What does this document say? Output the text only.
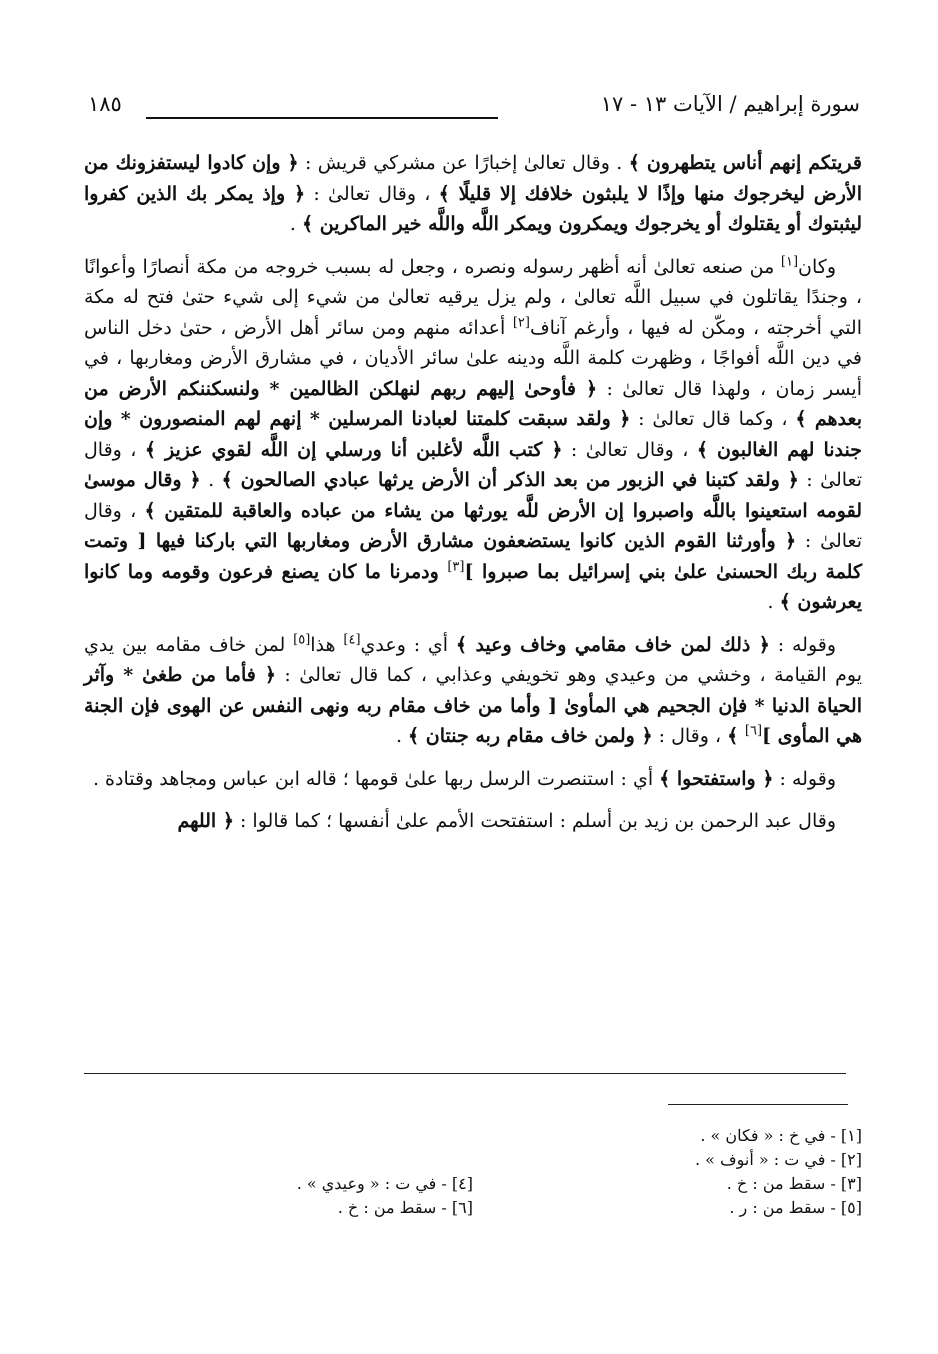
سورة إبراهيم / الآيات ١٣ - ١٧
١٨٥

قريتكم إنهم أناس يتطهرون ﴾ . وقال تعالىٰ إخبارًا عن مشركي قريش : ﴿ وإن كادوا ليستفزونك من الأرض ليخرجوك منها وإذًا لا يلبثون خلافك إلا قليلًا ﴾ ، وقال تعالىٰ : ﴿ وإذ يمكر بك الذين كفروا ليثبتوك أو يقتلوك أو يخرجوك ويمكرون ويمكر اللَّه واللَّه خير الماكرين ﴾ .

وكان[١] من صنعه تعالىٰ أنه أظهر رسوله ونصره ، وجعل له بسبب خروجه من مكة أنصارًا وأعوانًا ، وجندًا يقاتلون في سبيل اللَّه تعالىٰ ، ولم يزل يرقيه تعالىٰ من شيء إلى شيء حتىٰ فتح له مكة التي أخرجته ، ومكّن له فيها ، وأرغم آناف[٢] أعدائه منهم ومن سائر أهل الأرض ، حتىٰ دخل الناس في دين اللَّه أفواجًا ، وظهرت كلمة اللَّه ودينه علىٰ سائر الأديان ، في مشارق الأرض ومغاربها ، في أيسر زمان ، ولهذا قال تعالىٰ : ﴿ فأوحىٰ إليهم ربهم لنهلكن الظالمين * ولنسكننكم الأرض من بعدهم ﴾ ، وكما قال تعالىٰ : ﴿ ولقد سبقت كلمتنا لعبادنا المرسلين * إنهم لهم المنصورون * وإن جندنا لهم الغالبون ﴾ ، وقال تعالىٰ : ﴿ كتب اللَّه لأغلبن أنا ورسلي إن اللَّه لقوي عزيز ﴾ ، وقال تعالىٰ : ﴿ ولقد كتبنا في الزبور من بعد الذكر أن الأرض يرثها عبادي الصالحون ﴾ . ﴿ وقال موسىٰ لقومه استعينوا باللَّه واصبروا إن الأرض للَّه يورثها من يشاء من عباده والعاقبة للمتقين ﴾ ، وقال تعالىٰ : ﴿ وأورثنا القوم الذين كانوا يستضعفون مشارق الأرض ومغاربها التي باركنا فيها [ وتمت كلمة ربك الحسنىٰ علىٰ بني إسرائيل بما صبروا ][٣] ودمرنا ما كان يصنع فرعون وقومه وما كانوا يعرشون ﴾ .

وقوله : ﴿ ذلك لمن خاف مقامي وخاف وعيد ﴾ أي : وعدي[٤] هذا[٥] لمن خاف مقامه بين يدي يوم القيامة ، وخشي من وعيدي وهو تخويفي وعذابي ، كما قال تعالىٰ : ﴿ فأما من طغىٰ * وآثر الحياة الدنيا * فإن الجحيم هي المأوىٰ [ وأما من خاف مقام ربه ونهى النفس عن الهوى فإن الجنة هي المأوى ][٦] ﴾ ، وقال : ﴿ ولمن خاف مقام ربه جنتان ﴾ .

وقوله : ﴿ واستفتحوا ﴾ أي : استنصرت الرسل ربها علىٰ قومها ؛ قاله ابن عباس ومجاهد وقتادة .

وقال عبد الرحمن بن زيد بن أسلم : استفتحت الأمم علىٰ أنفسها ؛ كما قالوا : ﴿ اللهم

[١] - في خ : « فكان » .
[٢] - في ت : « أنوف » .
[٣] - سقط من : خ .
[٤] - في ت : « وعيدي » .
[٥] - سقط من : ر .
[٦] - سقط من : خ .
